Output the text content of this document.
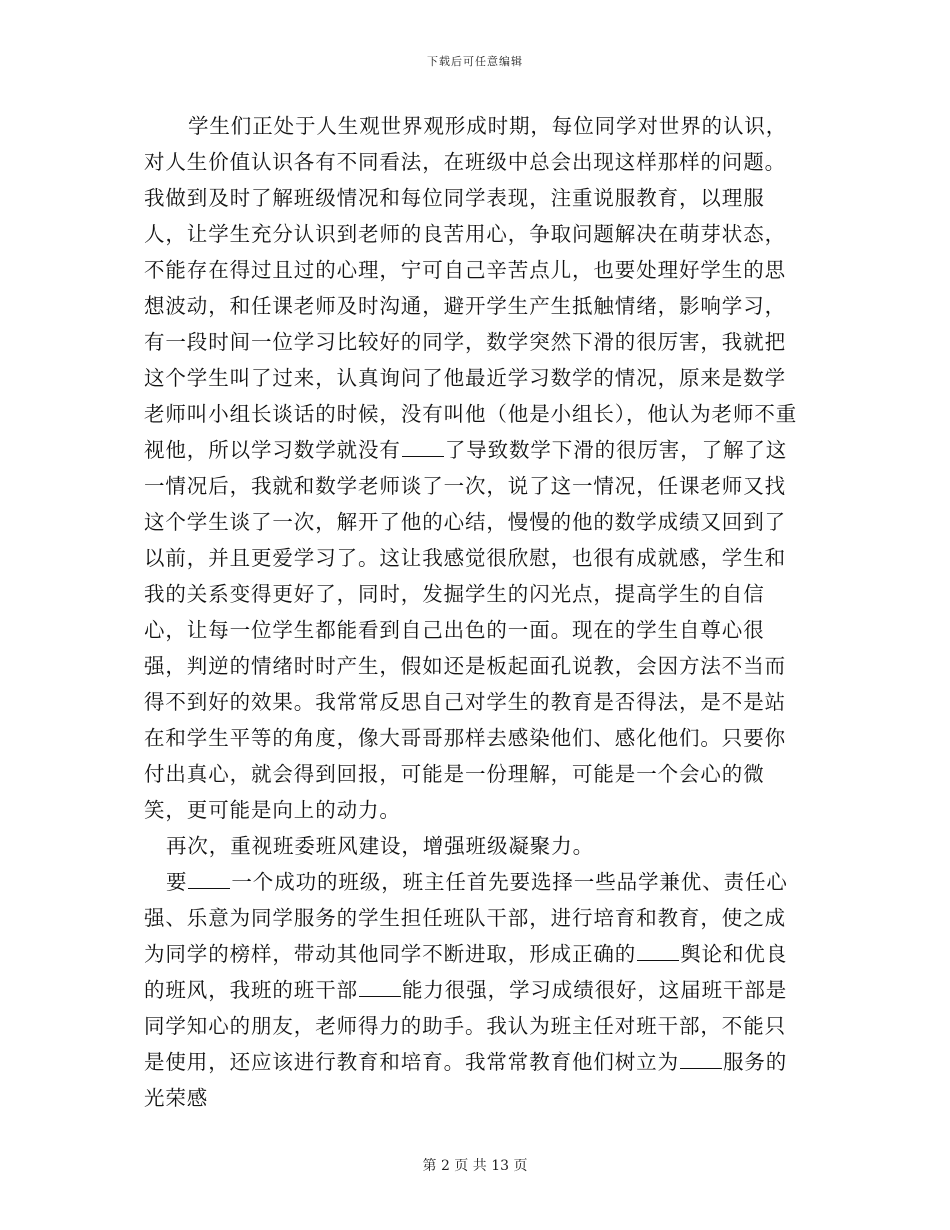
下载后可任意编辑

学生们正处于人生观世界观形成时期，每位同学对世界的认识，对人生价值认识各有不同看法，在班级中总会出现这样那样的问题。我做到及时了解班级情况和每位同学表现，注重说服教育，以理服人，让学生充分认识到老师的良苦用心，争取问题解决在萌芽状态，不能存在得过且过的心理，宁可自己辛苦点儿，也要处理好学生的思想波动，和任课老师及时沟通，避开学生产生抵触情绪，影响学习，有一段时间一位学习比较好的同学，数学突然下滑的很厉害，我就把这个学生叫了过来，认真询问了他最近学习数学的情况，原来是数学老师叫小组长谈话的时候，没有叫他（他是小组长），他认为老师不重视他，所以学习数学就没有 了导致数学下滑的很厉害，了解了这一情况后，我就和数学老师谈了一次，说了这一情况，任课老师又找这个学生谈了一次，解开了他的心结，慢慢的他的数学成绩又回到了以前，并且更爱学习了。这让我感觉很欣慰，也很有成就感，学生和我的关系变得更好了，同时，发掘学生的闪光点，提高学生的自信心，让每一位学生都能看到自己出色的一面。现在的学生自尊心很强，判逆的情绪时时产生，假如还是板起面孔说教，会因方法不当而得不到好的效果。我常常反思自己对学生的教育是否得法，是不是站在和学生平等的角度，像大哥哥那样去感染他们、感化他们。只要你付出真心，就会得到回报，可能是一份理解，可能是一个会心的微笑，更可能是向上的动力。

再次，重视班委班风建设，增强班级凝聚力。

要 一个成功的班级，班主任首先要选择一些品学兼优、责任心强、乐意为同学服务的学生担任班队干部，进行培育和教育，使之成为同学的榜样，带动其他同学不断进取，形成正确的 舆论和优良的班风，我班的班干部 能力很强，学习成绩很好，这届班干部是同学知心的朋友，老师得力的助手。我认为班主任对班干部，不能只是使用，还应该进行教育和培育。我常常教育他们树立为 服务的光荣感

第 2 页 共 13 页
